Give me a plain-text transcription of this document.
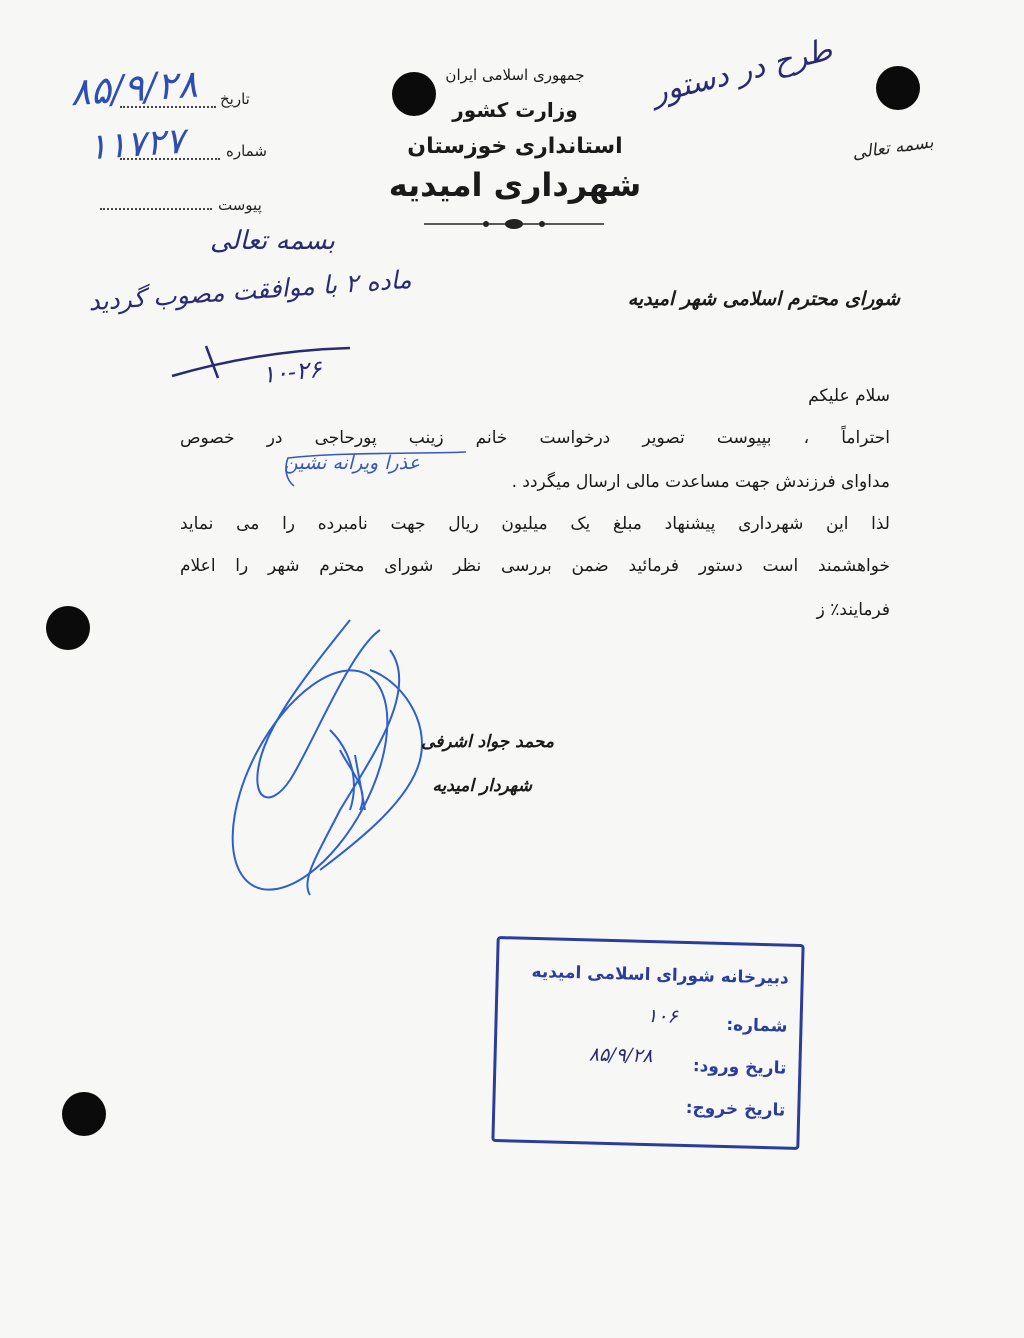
جمهوری اسلامی ایران
وزارت کشور
استانداری خوزستان
شهرداری امیدیه
بسمه تعالی
طرح در دستور
تاریخ
۸۵/۹/۲۸
شماره
۱۱۷۲۷
پیوست
بسمه تعالی
ماده ۲ با موافقت مصوب گردید
۱۰-۲۶
شورای محترم اسلامی شهر امیدیه
سلام علیکم
احتراماً ، بپیوست تصویر درخواست خانم زینب پورحاجی در خصوص
عذرا ویرانه نشین
مداوای فرزندش جهت مساعدت مالی ارسال میگردد .
لذا این شهرداری پیشنهاد مبلغ یک میلیون ریال جهت نامبرده را می نماید
خواهشمند است دستور فرمائید ضمن بررسی نظر شورای محترم شهر را اعلام
فرمایند٪ ز
محمد جواد اشرفی
شهردار امیدیه
دبیرخانه شورای اسلامی امیدیه
شماره:
۱۰۶
تاریخ ورود:
۸۵/۹/۲۸
تاریخ خروج:
